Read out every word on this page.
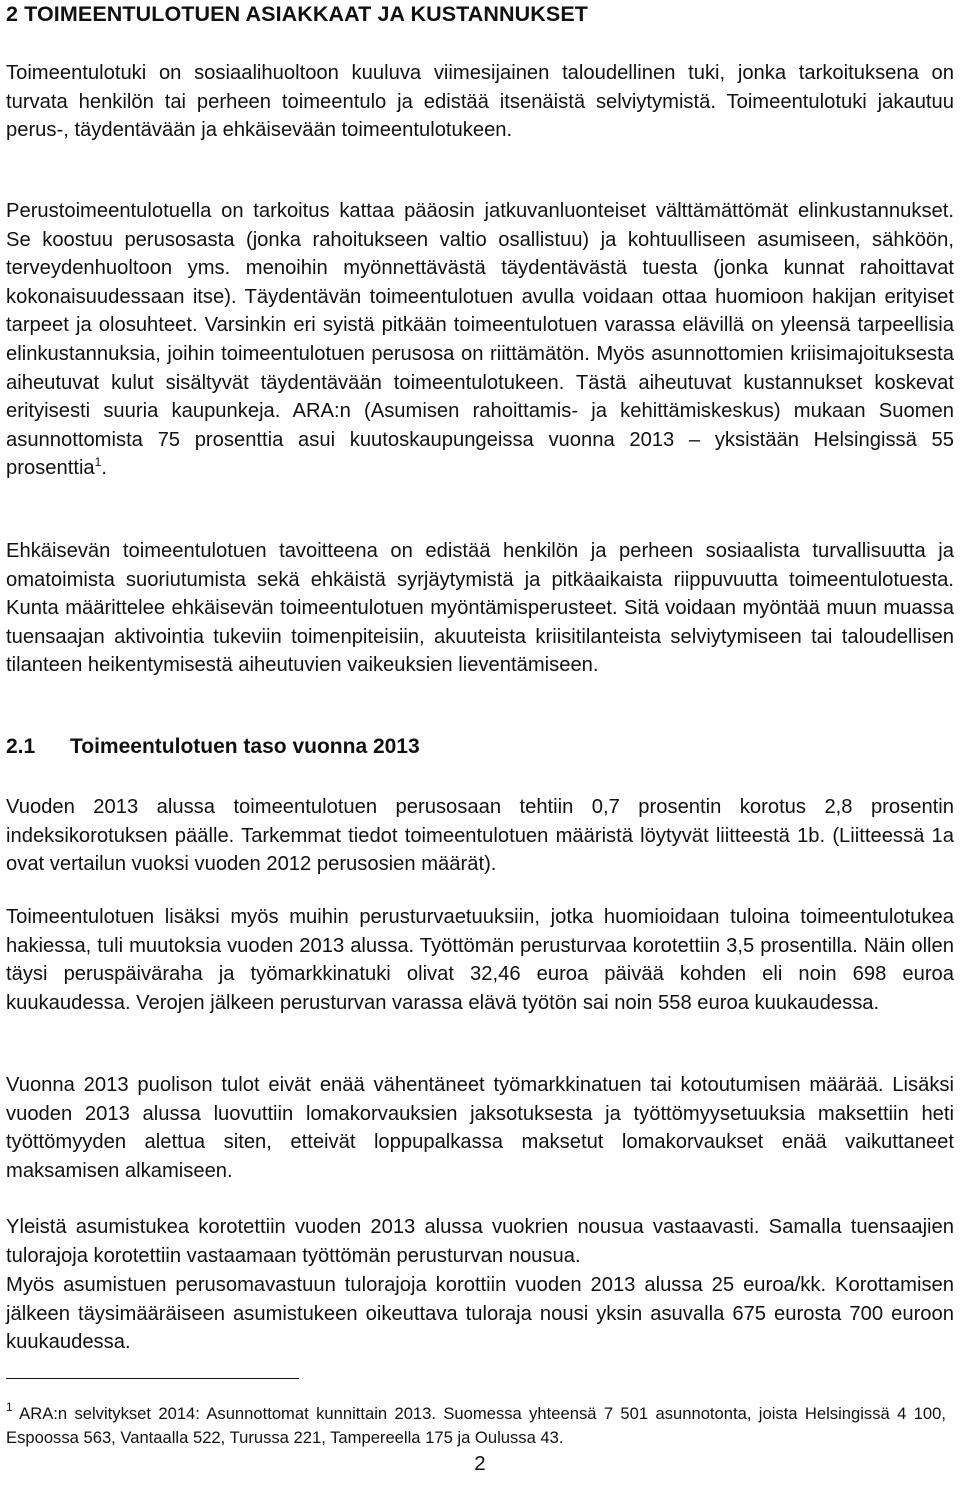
2 TOIMEENTULOTUEN ASIAKKAAT JA KUSTANNUKSET

Toimeentulotuki on sosiaalihuoltoon kuuluva viimesijainen taloudellinen tuki, jonka tarkoituksena on turvata henkilön tai perheen toimeentulo ja edistää itsenäistä selviytymistä. Toimeentulotuki jakautuu perus-, täydentävään ja ehkäisevään toimeentulotukeen.

Perustoimeentulotuella on tarkoitus kattaa pääosin jatkuvanluonteiset välttämättömät elinkustannukset. Se koostuu perusosasta (jonka rahoitukseen valtio osallistuu) ja kohtuulliseen asumiseen, sähköön, terveydenhuoltoon yms. menoihin myönnettävästä täydentävästä tuesta (jonka kunnat rahoittavat kokonaisuudessaan itse). Täydentävän toimeentulotuen avulla voidaan ottaa huomioon hakijan erityiset tarpeet ja olosuhteet. Varsinkin eri syistä pitkään toimeentulotuen varassa elävillä on yleensä tarpeellisia elinkustannuksia, joihin toimeentulotuen perusosa on riittämätön. Myös asunnottomien kriisimajoituksesta aiheutuvat kulut sisältyvät täydentävään toimeentulotukeen. Tästä aiheutuvat kustannukset koskevat erityisesti suuria kaupunkeja. ARA:n (Asumisen rahoittamis- ja kehittämiskeskus) mukaan Suomen asunnottomista 75 prosenttia asui kuutoskaupungeissa vuonna 2013 – yksistään Helsingissä 55 prosenttia$^1$.

Ehkäisevän toimeentulotuen tavoitteena on edistää henkilön ja perheen sosiaalista turvallisuutta ja omatoimista suoriutumista sekä ehkäistä syrjäytymistä ja pitkäaikaista riippuvuutta toimeentulotuesta. Kunta määrittelee ehkäisevän toimeentulotuen myöntämisperusteet. Sitä voidaan myöntää muun muassa tuensaajan aktivointia tukeviin toimenpiteisiin, akuuteista kriisitilanteista selviytymiseen tai taloudellisen tilanteen heikentymisestä aiheutuvien vaikeuksien lieventämiseen.

2.1 Toimeentulotuen taso vuonna 2013

Vuoden 2013 alussa toimeentulotuen perusosaan tehtiin 0,7 prosentin korotus 2,8 prosentin indeksikorotuksen päälle. Tarkemmat tiedot toimeentulotuen määristä löytyvät liitteestä 1b. (Liitteessä 1a ovat vertailun vuoksi vuoden 2012 perusosien määrät).

Toimeentulotuen lisäksi myös muihin perusturvaetuuksiin, jotka huomioidaan tuloina toimeentulotukea hakiessa, tuli muutoksia vuoden 2013 alussa. Työttömän perusturvaa korotettiin 3,5 prosentilla. Näin ollen täysi peruspäiväraha ja työmarkkinatuki olivat 32,46 euroa päivää kohden eli noin 698 euroa kuukaudessa. Verojen jälkeen perusturvan varassa elävä työtön sai noin 558 euroa kuukaudessa.

Vuonna 2013 puolison tulot eivät enää vähentäneet työmarkkinatuen tai kotoutumisen määrää. Lisäksi vuoden 2013 alussa luovuttiin lomakorvauksien jaksotuksesta ja työttömyysetuuksia maksettiin heti työttömyyden alettua siten, etteivät loppupalkassa maksetut lomakorvaukset enää vaikuttaneet maksamisen alkamiseen.

Yleistä asumistukea korotettiin vuoden 2013 alussa vuokrien nousua vastaavasti. Samalla tuensaajien tulorajoja korotettiin vastaamaan työttömän perusturvan nousua.

Myös asumistuen perusomavastuun tulorajoja korottiin vuoden 2013 alussa 25 euroa/kk. Korottamisen jälkeen täysimääräiseen asumistukeen oikeuttava tuloraja nousi yksin asuvalla 675 eurosta 700 euroon kuukaudessa.

$^1$ ARA:n selvitykset 2014: Asunnottomat kunnittain 2013. Suomessa yhteensä 7 501 asunnotonta, joista Helsingissä 4 100, Espoossa 563, Vantaalla 522, Turussa 221, Tampereella 175 ja Oulussa 43.

2
